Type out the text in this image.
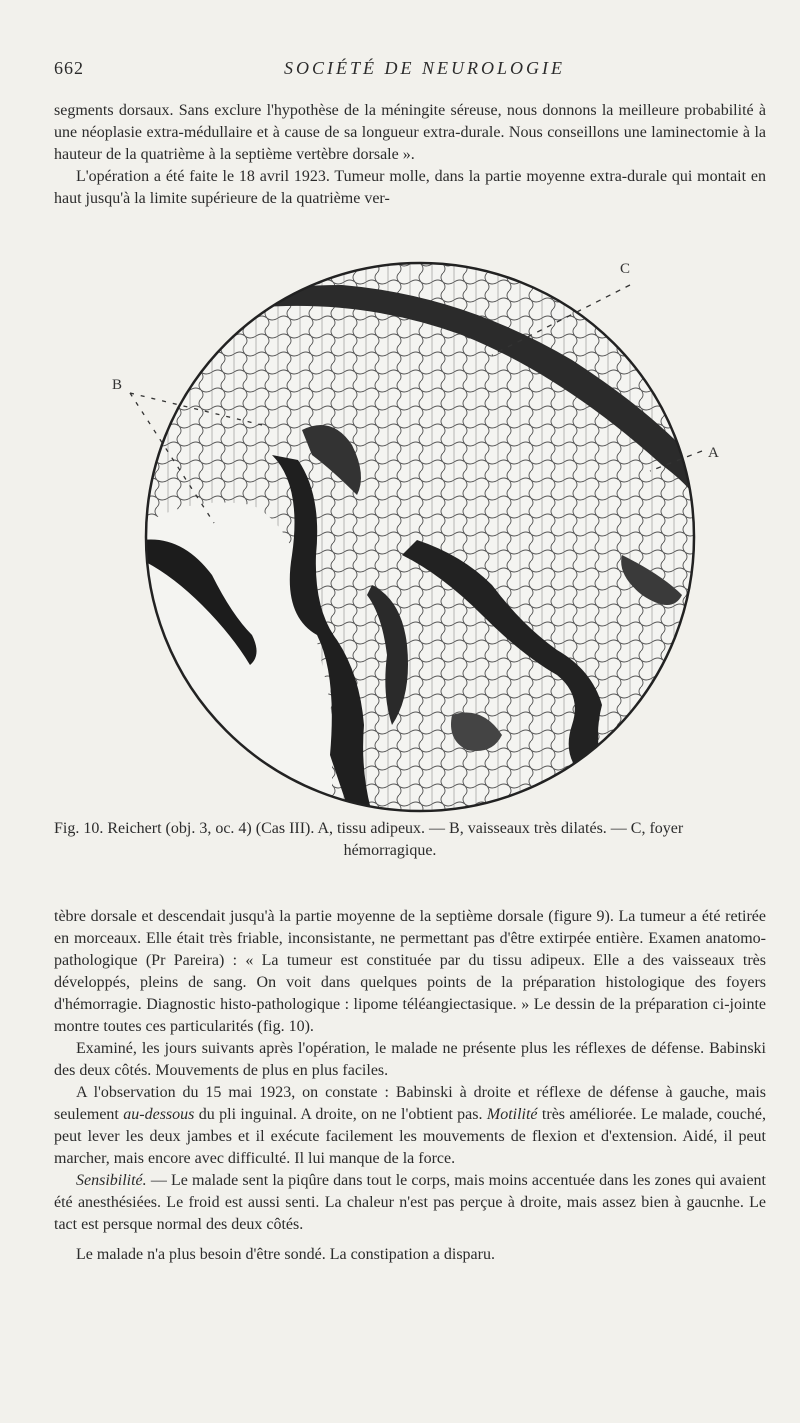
662	SOCIÉTÉ DE NEUROLOGIE

segments dorsaux. Sans exclure l'hypothèse de la méningite séreuse, nous donnons la meilleure probabilité à une néoplasie extra-médullaire et à cause de sa longueur extra-durale. Nous conseillons une laminectomie à la hauteur de la quatrième à la septième vertèbre dorsale ».

L'opération a été faite le 18 avril 1923. Tumeur molle, dans la partie moyenne extra-durale qui montait en haut jusqu'à la limite supérieure de la quatrième ver-

C
A
B
Fig. 10. Reichert (obj. 3, oc. 4) (Cas III). A, tissu adipeux. — B, vaisseaux très dilatés. — C, foyer
hémorragique.

tèbre dorsale et descendait jusqu'à la partie moyenne de la septième dorsale (figure 9). La tumeur a été retirée en morceaux. Elle était très friable, inconsistante, ne permettant pas d'être extirpée entière. Examen anatomo-pathologique (Pr Pareira) : « La tumeur est constituée par du tissu adipeux. Elle a des vaisseaux très développés, pleins de sang. On voit dans quelques points de la préparation histologique des foyers d'hémorragie. Diagnostic histo-pathologique : lipome téléangiectasique. » Le dessin de la préparation ci-jointe montre toutes ces particularités (fig. 10).

Examiné, les jours suivants après l'opération, le malade ne présente plus les réflexes de défense. Babinski des deux côtés. Mouvements de plus en plus faciles.

A l'observation du 15 mai 1923, on constate : Babinski à droite et réflexe de défense à gauche, mais seulement au-dessous du pli inguinal. A droite, on ne l'obtient pas. Motilité très améliorée. Le malade, couché, peut lever les deux jambes et il exécute facilement les mouvements de flexion et d'extension. Aidé, il peut marcher, mais encore avec difficulté. Il lui manque de la force.

Sensibilité. — Le malade sent la piqûre dans tout le corps, mais moins accentuée dans les zones qui avaient été anesthésiées. Le froid est aussi senti. La chaleur n'est pas perçue à droite, mais assez bien à gaucnhe. Le tact est persque normal des deux côtés.

Le malade n'a plus besoin d'être sondé. La constipation a disparu.
